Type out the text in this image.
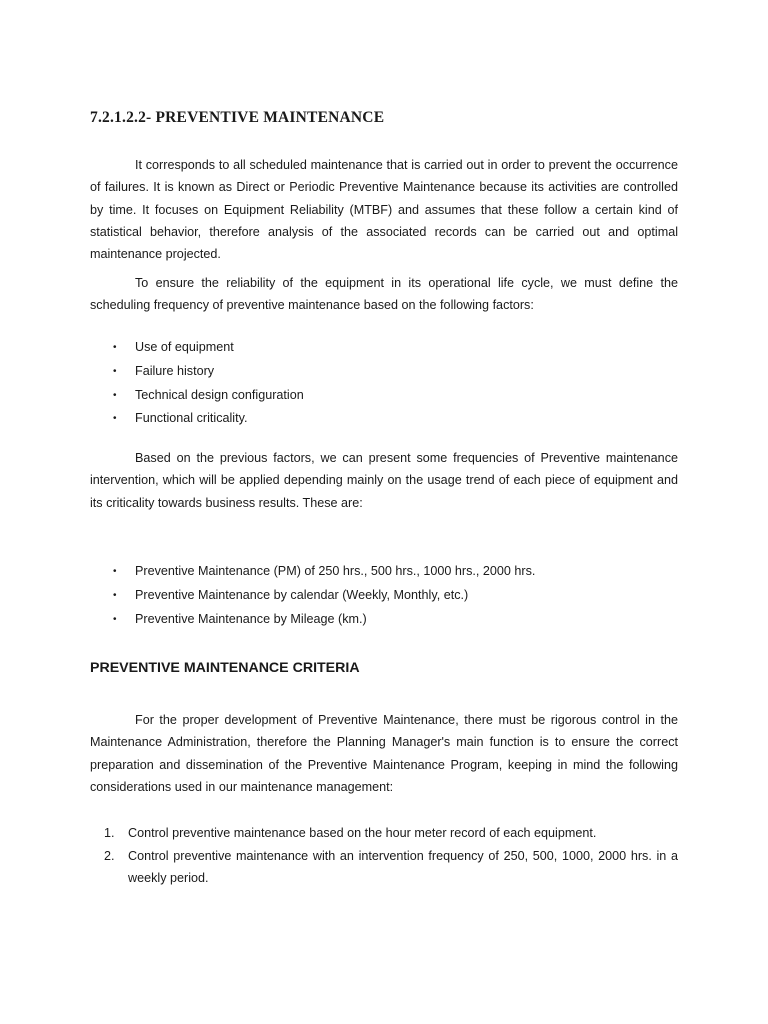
7.2.1.2.2- PREVENTIVE MAINTENANCE

It corresponds to all scheduled maintenance that is carried out in order to prevent the occurrence of failures. It is known as Direct or Periodic Preventive Maintenance because its activities are controlled by time. It focuses on Equipment Reliability (MTBF) and assumes that these follow a certain kind of statistical behavior, therefore analysis of the associated records can be carried out and optimal maintenance projected.

To ensure the reliability of the equipment in its operational life cycle, we must define the scheduling frequency of preventive maintenance based on the following factors:

• Use of equipment
• Failure history
• Technical design configuration
• Functional criticality.

Based on the previous factors, we can present some frequencies of Preventive maintenance intervention, which will be applied depending mainly on the usage trend of each piece of equipment and its criticality towards business results. These are:

• Preventive Maintenance (PM) of 250 hrs., 500 hrs., 1000 hrs., 2000 hrs.
• Preventive Maintenance by calendar (Weekly, Monthly, etc.)
• Preventive Maintenance by Mileage (km.)
PREVENTIVE MAINTENANCE CRITERIA

For the proper development of Preventive Maintenance, there must be rigorous control in the Maintenance Administration, therefore the Planning Manager's main function is to ensure the correct preparation and dissemination of the Preventive Maintenance Program, keeping in mind the following considerations used in our maintenance management:

1. Control preventive maintenance based on the hour meter record of each equipment.
2. Control preventive maintenance with an intervention frequency of 250, 500, 1000, 2000 hrs. in a weekly period.
